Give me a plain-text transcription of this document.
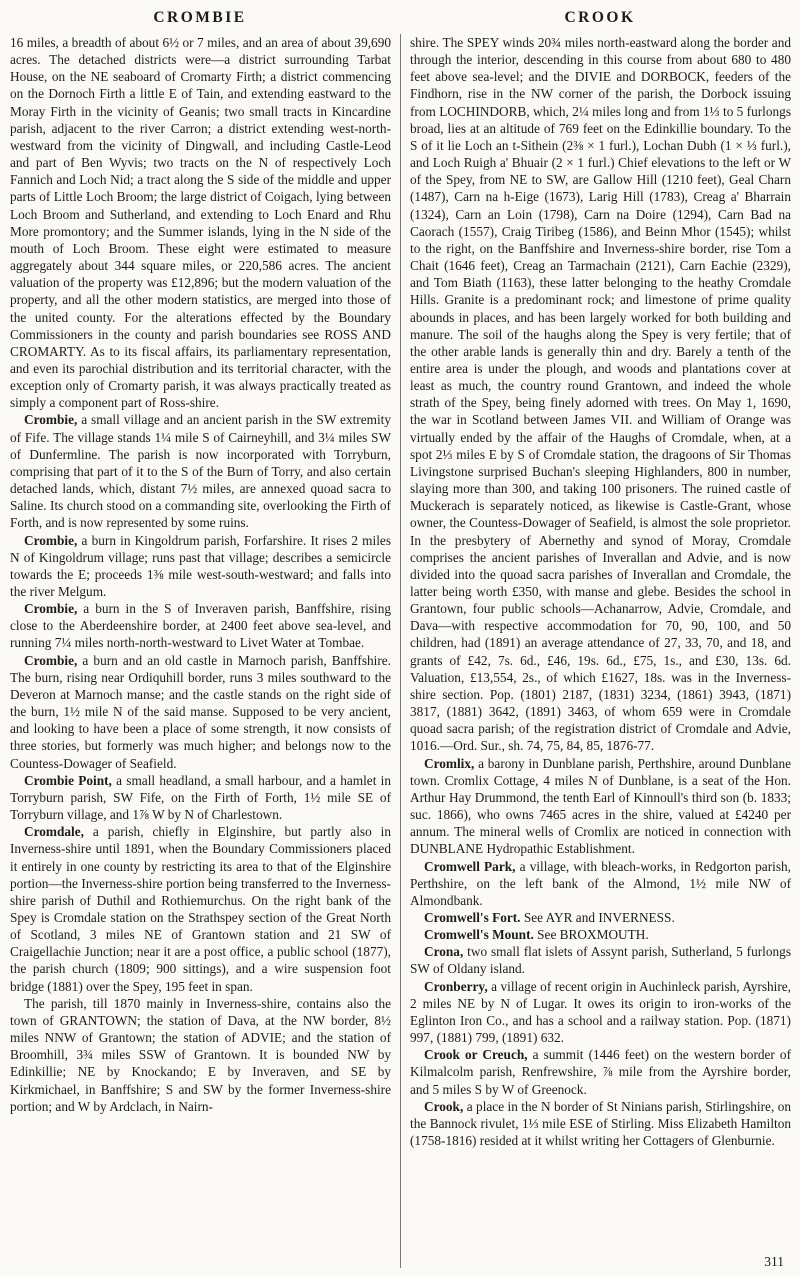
CROMBIE	CROOK

16 miles, a breadth of about 6½ or 7 miles, and an area of about 39,690 acres. The detached districts were—a district surrounding Tarbat House, on the NE seaboard of Cromarty Firth; a district commencing on the Dornoch Firth a little E of Tain, and extending eastward to the Moray Firth in the vicinity of Geanis; two small tracts in Kincardine parish, adjacent to the river Carron; a district extending west-north-westward from the vicinity of Dingwall, and including Castle-Leod and part of Ben Wyvis; two tracts on the N of respectively Loch Fannich and Loch Nid; a tract along the S side of the middle and upper parts of Little Loch Broom; the large district of Coigach, lying between Loch Broom and Sutherland, and extending to Loch Enard and Rhu More promontory; and the Summer islands, lying in the N side of the mouth of Loch Broom. These eight were estimated to measure aggregately about 344 square miles, or 220,586 acres. The ancient valuation of the property was £12,896; but the modern valuation of the property, and all the other modern statistics, are merged into those of the united county. For the alterations effected by the Boundary Commissioners in the county and parish boundaries see ROSS AND CROMARTY. As to its fiscal affairs, its parliamentary representation, and even its parochial distribution and its territorial character, with the exception only of Cromarty parish, it was always practically treated as simply a component part of Ross-shire.

Crombie, a small village and an ancient parish in the SW extremity of Fife. The village stands 1¼ mile S of Cairneyhill, and 3¼ miles SW of Dunfermline. The parish is now incorporated with Torryburn, comprising that part of it to the S of the Burn of Torry, and also certain detached lands, which, distant 7½ miles, are annexed quoad sacra to Saline. Its church stood on a commanding site, overlooking the Firth of Forth, and is now represented by some ruins.

Crombie, a burn in Kingoldrum parish, Forfarshire. It rises 2 miles N of Kingoldrum village; runs past that village; describes a semicircle towards the E; proceeds 1⅜ mile west-south-westward; and falls into the river Melgum.

Crombie, a burn in the S of Inveraven parish, Banffshire, rising close to the Aberdeenshire border, at 2400 feet above sea-level, and running 7¼ miles north-north-westward to Livet Water at Tombae.

Crombie, a burn and an old castle in Marnoch parish, Banffshire. The burn, rising near Ordiquhill border, runs 3 miles southward to the Deveron at Marnoch manse; and the castle stands on the right side of the burn, 1½ mile N of the said manse. Supposed to be very ancient, and looking to have been a place of some strength, it now consists of three stories, but formerly was much higher; and belongs now to the Countess-Dowager of Seafield.

Crombie Point, a small headland, a small harbour, and a hamlet in Torryburn parish, SW Fife, on the Firth of Forth, 1½ mile SE of Torryburn village, and 1⅞ W by N of Charlestown.

Cromdale, a parish, chiefly in Elginshire, but partly also in Inverness-shire until 1891, when the Boundary Commissioners placed it entirely in one county by restricting its area to that of the Elginshire portion—the Inverness-shire portion being transferred to the Inverness-shire parish of Duthil and Rothiemurchus. On the right bank of the Spey is Cromdale station on the Strathspey section of the Great North of Scotland, 3 miles NE of Grantown station and 21 SW of Craigellachie Junction; near it are a post office, a public school (1877), the parish church (1809; 900 sittings), and a wire suspension foot bridge (1881) over the Spey, 195 feet in span.

The parish, till 1870 mainly in Inverness-shire, contains also the town of GRANTOWN; the station of Dava, at the NW border, 8½ miles NNW of Grantown; the station of ADVIE; and the station of Broomhill, 3¾ miles SSW of Grantown. It is bounded NW by Edinkillie; NE by Knockando; E by Inveraven, and SE by Kirkmichael, in Banffshire; S and SW by the former Inverness-shire portion; and W by Ardclach, in Nairn-

shire. The SPEY winds 20¾ miles north-eastward along the border and through the interior, descending in this course from about 680 to 480 feet above sea-level; and the DIVIE and DORBOCK, feeders of the Findhorn, rise in the NW corner of the parish, the Dorbock issuing from LOCHINDORB, which, 2¼ miles long and from 1⅓ to 5 furlongs broad, lies at an altitude of 769 feet on the Edinkillie boundary. To the S of it lie Loch an t-Sithein (2⅜ × 1 furl.), Lochan Dubh (1 × ⅓ furl.), and Loch Ruigh a' Bhuair (2 × 1 furl.) Chief elevations to the left or W of the Spey, from NE to SW, are Gallow Hill (1210 feet), Geal Charn (1487), Carn na h-Eige (1673), Larig Hill (1783), Creag a' Bharrain (1324), Carn an Loin (1798), Carn na Doire (1294), Carn Bad na Caorach (1557), Craig Tiribeg (1586), and Beinn Mhor (1545); whilst to the right, on the Banffshire and Inverness-shire border, rise Tom a Chait (1646 feet), Creag an Tarmachain (2121), Carn Eachie (2329), and Tom Biath (1163), these latter belonging to the heathy Cromdale Hills. Granite is a predominant rock; and limestone of prime quality abounds in places, and has been largely worked for both building and manure. The soil of the haughs along the Spey is very fertile; that of the other arable lands is generally thin and dry. Barely a tenth of the entire area is under the plough, and woods and plantations cover at least as much, the country round Grantown, and indeed the whole strath of the Spey, being finely adorned with trees. On May 1, 1690, the war in Scotland between James VII. and William of Orange was virtually ended by the affair of the Haughs of Cromdale, when, at a spot 2⅓ miles E by S of Cromdale station, the dragoons of Sir Thomas Livingstone surprised Buchan's sleeping Highlanders, 800 in number, slaying more than 300, and taking 100 prisoners. The ruined castle of Muckerach is separately noticed, as likewise is Castle-Grant, whose owner, the Countess-Dowager of Seafield, is almost the sole proprietor. In the presbytery of Abernethy and synod of Moray, Cromdale comprises the ancient parishes of Inverallan and Advie, and is now divided into the quoad sacra parishes of Inverallan and Cromdale, the latter being worth £350, with manse and glebe. Besides the school in Grantown, four public schools—Achanarrow, Advie, Cromdale, and Dava—with respective accommodation for 70, 90, 100, and 50 children, had (1891) an average attendance of 27, 33, 70, and 18, and grants of £42, 7s. 6d., £46, 19s. 6d., £75, 1s., and £30, 13s. 6d. Valuation, £13,554, 2s., of which £1627, 18s. was in the Inverness-shire section. Pop. (1801) 2187, (1831) 3234, (1861) 3943, (1871) 3817, (1881) 3642, (1891) 3463, of whom 659 were in Cromdale quoad sacra parish; of the registration district of Cromdale and Advie, 1016.—Ord. Sur., sh. 74, 75, 84, 85, 1876-77.

Cromlix, a barony in Dunblane parish, Perthshire, around Dunblane town. Cromlix Cottage, 4 miles N of Dunblane, is a seat of the Hon. Arthur Hay Drummond, the tenth Earl of Kinnoull's third son (b. 1833; suc. 1866), who owns 7465 acres in the shire, valued at £4240 per annum. The mineral wells of Cromlix are noticed in connection with DUNBLANE Hydropathic Establishment.

Cromwell Park, a village, with bleach-works, in Redgorton parish, Perthshire, on the left bank of the Almond, 1½ mile NW of Almondbank.

Cromwell's Fort. See AYR and INVERNESS.

Cromwell's Mount. See BROXMOUTH.

Crona, two small flat islets of Assynt parish, Sutherland, 5 furlongs SW of Oldany island.

Cronberry, a village of recent origin in Auchinleck parish, Ayrshire, 2 miles NE by N of Lugar. It owes its origin to iron-works of the Eglinton Iron Co., and has a school and a railway station. Pop. (1871) 997, (1881) 799, (1891) 632.

Crook or Creuch, a summit (1446 feet) on the western border of Kilmalcolm parish, Renfrewshire, ⅞ mile from the Ayrshire border, and 5 miles S by W of Greenock.

Crook, a place in the N border of St Ninians parish, Stirlingshire, on the Bannock rivulet, 1⅓ mile ESE of Stirling. Miss Elizabeth Hamilton (1758-1816) resided at it whilst writing her Cottagers of Glenburnie.

311
